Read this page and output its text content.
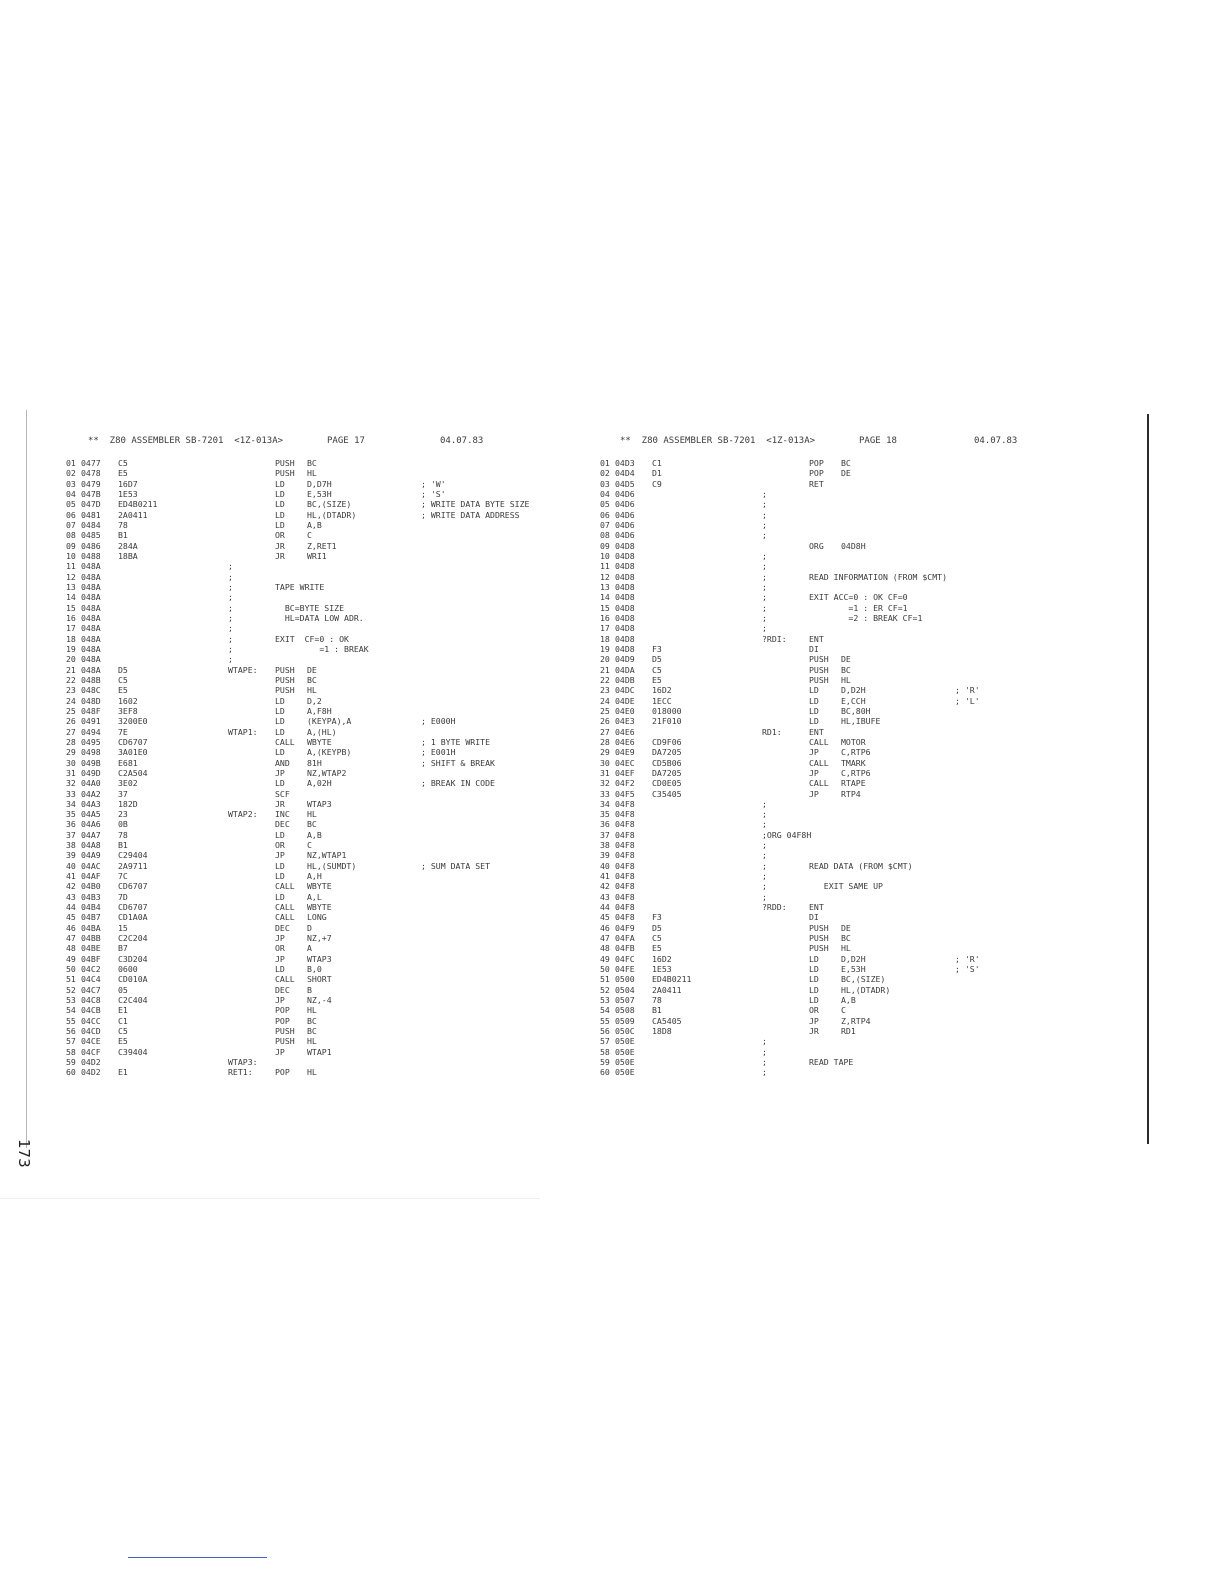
**  Z80 ASSEMBLER SB-7201  <1Z-013A>

	PAGE 17

	04.07.83

01 0477 C5	PUSH BC
02 0478 E5	PUSH HL
03 0479 16D7	LD	D,D7H	; 'W'
04 047B 1E53	LD	E,53H	; 'S'
05 047D ED4B0211	LD	BC,(SIZE)	; WRITE DATA BYTE SIZE
06 0481 2A0411	LD	HL,(DTADR)	; WRITE DATA ADDRESS
07 0484 78	LD	A,B
08 0485 B1	OR	C
09 0486 284A	JR	Z,RET1
10 0488 18BA	JR	WRI1
11 048A	;
12 048A	;
13 048A	;	TAPE WRITE
14 048A	;
15 048A	;	BC=BYTE SIZE
16 048A	;	HL=DATA LOW ADR.
17 048A	;
18 048A	;	EXIT  CF=0 : OK
19 048A	;	=1 : BREAK
20 048A	;
21 048A D5	WTAPE: PUSH DE
22 048B C5	PUSH BC
23 048C E5	PUSH HL
24 048D 1602	LD	D,2
25 048F 3EF8	LD	A,F8H
26 0491 3200E0	LD	(KEYPA),A	; E000H
27 0494 7E	WTAP1: LD	A,(HL)
28 0495 CD6707	CALL WBYTE	; 1 BYTE WRITE
29 0498 3A01E0	LD	A,(KEYPB)	; E001H
30 049B E681	AND 81H	; SHIFT & BREAK
31 049D C2A504	JP	NZ,WTAP2
32 04A0 3E02	LD	A,02H	; BREAK IN CODE
33 04A2 37	SCF
34 04A3 182D	JR	WTAP3
35 04A5 23	WTAP2: INC HL
36 04A6 0B	DEC BC
37 04A7 78	LD	A,B
38 04A8 B1	OR	C
39 04A9 C29404	JP	NZ,WTAP1
40 04AC 2A9711	LD	HL,(SUMDT)	; SUM DATA SET
41 04AF 7C	LD	A,H
42 04B0 CD6707	CALL WBYTE
43 04B3 7D	LD	A,L
44 04B4 CD6707	CALL WBYTE
45 04B7 CD1A0A	CALL LONG
46 04BA 15	DEC D
47 04BB C2C204	JP	NZ,+7
48 04BE B7	OR	A
49 04BF C3D204	JP	WTAP3
50 04C2 0600	LD	B,0
51 04C4 CD010A	CALL SHORT
52 04C7 05	DEC B
53 04C8 C2C404	JP	NZ,-4
54 04CB E1	POP HL
55 04CC C1	POP BC
56 04CD C5	PUSH BC
57 04CE E5	PUSH HL
58 04CF C39404	JP	WTAP1
59 04D2	WTAP3:
60 04D2 E1	RET1:	POP HL

**  Z80 ASSEMBLER SB-7201  <1Z-013A>

	PAGE 18

	04.07.83

01 04D3 C1	POP BC
02 04D4 D1	POP DE
03 04D5 C9	RET
04 04D6	;
05 04D6	;
06 04D6	;
07 04D6	;
08 04D6	;
09 04D8	ORG 04D8H
10 04D8	;
11 04D8	;
12 04D8	;	READ INFORMATION (FROM $CMT)
13 04D8	;
14 04D8	;	EXIT ACC=0 : OK CF=0
15 04D8	;	=1 : ER CF=1
16 04D8	;	=2 : BREAK CF=1
17 04D8	;
18 04D8	?RDI:	ENT
19 04D8 F3	DI
20 04D9 D5	PUSH DE
21 04DA C5	PUSH BC
22 04DB E5	PUSH HL
23 04DC 16D2	LD	D,D2H	; 'R'
24 04DE 1ECC	LD	E,CCH	; 'L'
25 04E0 018000	LD	BC,80H
26 04E3 21F010	LD	HL,IBUFE
27 04E6	RD1:	ENT
28 04E6 CD9F06	CALL MOTOR
29 04E9 DA7205	JP	C,RTP6
30 04EC CD5B06	CALL TMARK
31 04EF DA7205	JP	C,RTP6
32 04F2 CD0E05	CALL RTAPE
33 04F5 C35405	JP	RTP4
34 04F8	;
35 04F8	;
36 04F8	;
37 04F8	;ORG 04F8H
38 04F8	;
39 04F8	;
40 04F8	;	READ DATA (FROM $CMT)
41 04F8	;
42 04F8	;	EXIT SAME UP
43 04F8	;
44 04F8	?RDD:	ENT
45 04F8 F3	DI
46 04F9 D5	PUSH DE
47 04FA C5	PUSH BC
48 04FB E5	PUSH HL
49 04FC 16D2	LD	D,D2H	; 'R'
50 04FE 1E53	LD	E,53H	; 'S'
51 0500 ED4B0211	LD	BC,(SIZE)
52 0504 2A0411	LD	HL,(DTADR)
53 0507 78	LD	A,B
54 0508 B1	OR	C
55 0509 CA5405	JP	Z,RTP4
56 050C 18D8	JR	RD1
57 050E	;
58 050E	;
59 050E	;	READ TAPE
60 050E	;
173
